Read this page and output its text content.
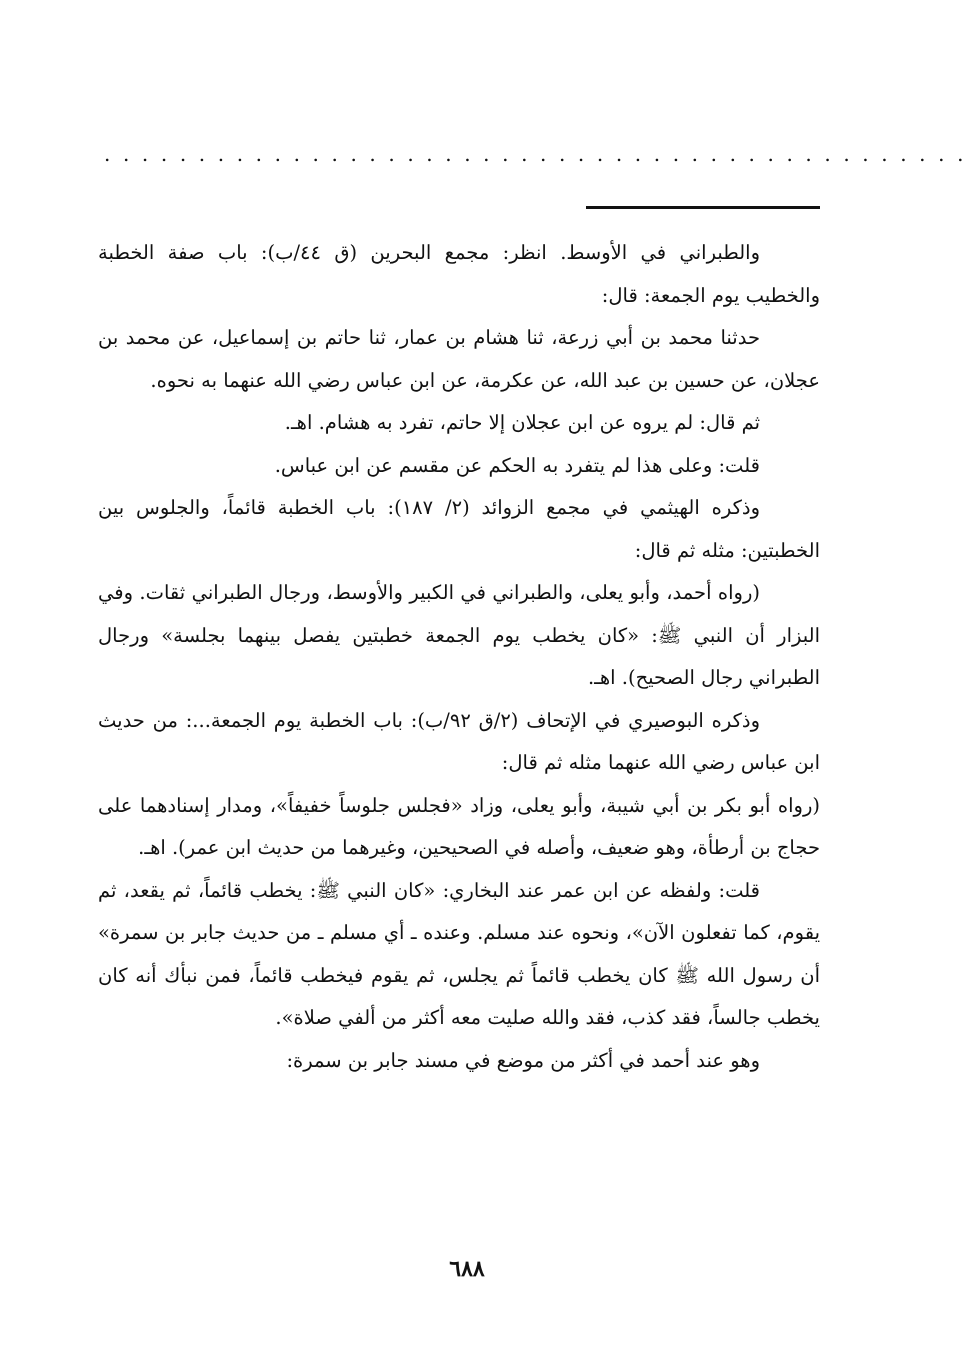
..............................................

والطبراني في الأوسط. انظر: مجمع البحرين (ق ٤٤/ب): باب صفة الخطبة والخطيب يوم الجمعة: قال:

حدثنا محمد بن أبي زرعة، ثنا هشام بن عمار، ثنا حاتم بن إسماعيل، عن محمد بن عجلان، عن حسين بن عبد الله، عن عكرمة، عن ابن عباس رضي الله عنهما به نحوه.

ثم قال: لم يروه عن ابن عجلان إلا حاتم، تفرد به هشام. اهـ.

قلت: وعلى هذا لم يتفرد به الحكم عن مقسم عن ابن عباس.

وذكره الهيثمي في مجمع الزوائد (٢/ ١٨٧): باب الخطبة قائماً، والجلوس بين الخطبتين: مثله ثم قال:

(رواه أحمد، وأبو يعلى، والطبراني في الكبير والأوسط، ورجال الطبراني ثقات. وفي البزار أن النبي ﷺ: «كان يخطب يوم الجمعة خطبتين يفصل بينهما بجلسة» ورجال الطبراني رجال الصحيح). اهـ.

وذكره البوصيري في الإتحاف (٢/ق ٩٢/ب): باب الخطبة يوم الجمعة...: من حديث ابن عباس رضي الله عنهما مثله ثم قال:

(رواه أبو بكر بن أبي شيبة، وأبو يعلى، وزاد «فجلس جلوساً خفيفاً»، ومدار إسنادهما على حجاج بن أرطأة، وهو ضعيف، وأصله في الصحيحين، وغيرهما من حديث ابن عمر). اهـ.

قلت: ولفظه عن ابن عمر عند البخاري: «كان النبي ﷺ: يخطب قائماً، ثم يقعد، ثم يقوم، كما تفعلون الآن»، ونحوه عند مسلم. وعنده ـ أي مسلم ـ من حديث جابر بن سمرة» أن رسول الله ﷺ كان يخطب قائماً ثم يجلس، ثم يقوم فيخطب قائماً، فمن نبأك أنه كان يخطب جالساً، فقد كذب، فقد والله صليت معه أكثر من ألفي صلاة».

وهو عند أحمد في أكثر من موضع في مسند جابر بن سمرة:

٦٨٨
